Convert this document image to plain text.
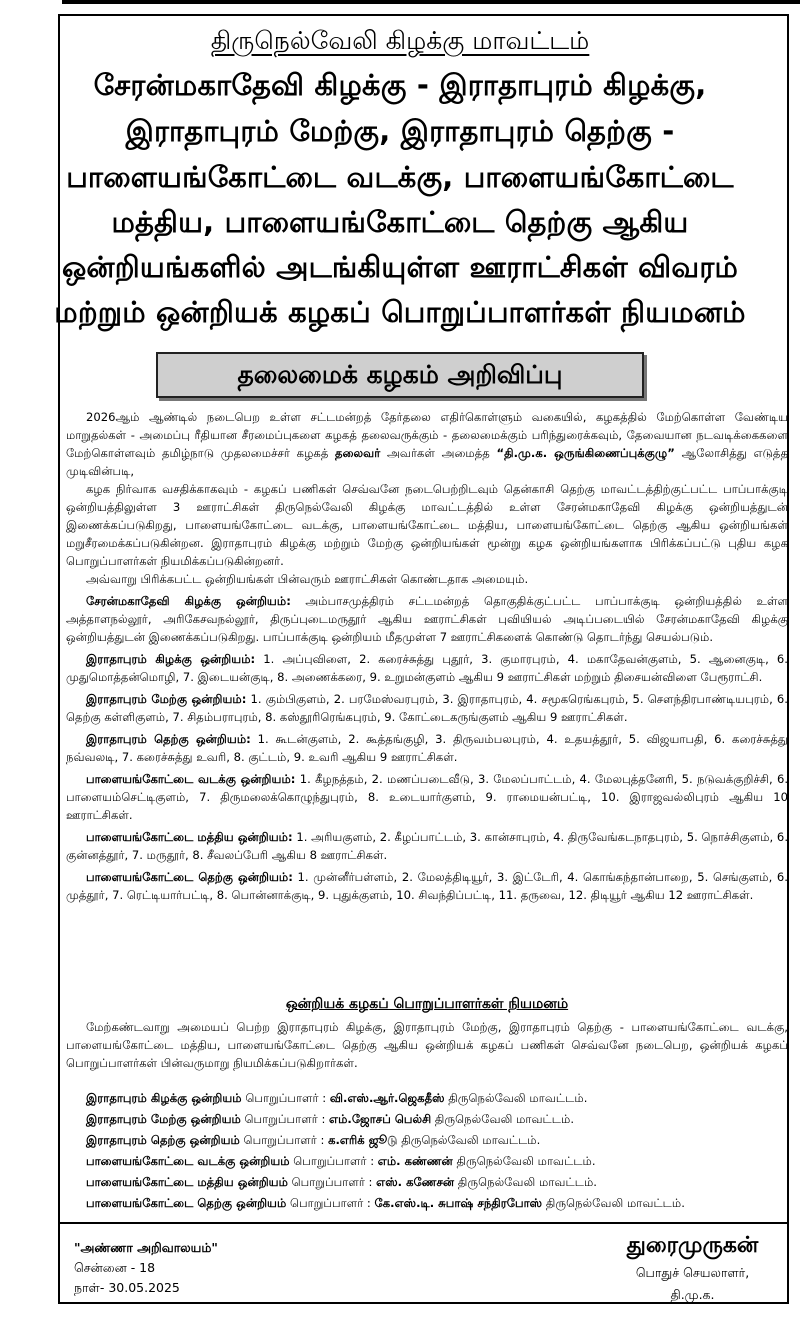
திருநெல்வேலி கிழக்கு மாவட்டம்
சேரன்மகாதேவி கிழக்கு - இராதாபுரம் கிழக்கு,
இராதாபுரம் மேற்கு, இராதாபுரம் தெற்கு -
பாளையங்கோட்டை வடக்கு, பாளையங்கோட்டை
மத்திய, பாளையங்கோட்டை தெற்கு ஆகிய
ஒன்றியங்களில் அடங்கியுள்ள ஊராட்சிகள் விவரம்
மற்றும் ஒன்றியக் கழகப் பொறுப்பாளர்கள் நியமனம்
தலைமைக் கழகம் அறிவிப்பு

2026ஆம் ஆண்டில் நடைபெற உள்ள சட்டமன்றத் தேர்தலை எதிர்கொள்ளும் வகையில், கழகத்தில் மேற்கொள்ள வேண்டிய மாறுதல்கள் - அமைப்பு ரீதியான சீரமைப்புகளை கழகத் தலைவருக்கும் - தலைமைக்கும் பரிந்துரைக்கவும், தேவையான நடவடிக்கைகளை மேற்கொள்ளவும் தமிழ்நாடு முதலமைச்சர் கழகத் தலைவர் அவர்கள் அமைத்த “தி.மு.க. ஒருங்கிணைப்புக்குழு” ஆலோசித்து எடுத்த முடிவின்படி,

கழக நிர்வாக வசதிக்காகவும் - கழகப் பணிகள் செவ்வனே நடைபெற்றிடவும் தென்காசி தெற்கு மாவட்டத்திற்குட்பட்ட பாப்பாக்குடி ஒன்றியத்திலுள்ள 3 ஊராட்சிகள் திருநெல்வேலி கிழக்கு மாவட்டத்தில் உள்ள சேரன்மகாதேவி கிழக்கு ஒன்றியத்துடன் இணைக்கப்படுகிறது, பாளையங்கோட்டை வடக்கு, பாளையங்கோட்டை மத்திய, பாளையங்கோட்டை தெற்கு ஆகிய ஒன்றியங்கள் மறுசீரமைக்கப்படுகின்றன. இராதாபுரம் கிழக்கு மற்றும் மேற்கு ஒன்றியங்கள் மூன்று கழக ஒன்றியங்களாக பிரிக்கப்பட்டு புதிய கழக பொறுப்பாளர்கள் நியமிக்கப்படுகின்றனர்.

அவ்வாறு பிரிக்கபட்ட ஒன்றியங்கள் பின்வரும் ஊராட்சிகள் கொண்டதாக அமையும்.

சேரன்மகாதேவி கிழக்கு ஒன்றியம்: அம்பாசமுத்திரம் சட்டமன்றத் தொகுதிக்குட்பட்ட பாப்பாக்குடி ஒன்றியத்தில் உள்ள அத்தாளநல்லூர், அரிகேசவநல்லூர், திருப்புடைமருதூர் ஆகிய ஊராட்சிகள் புவியியல் அடிப்படையில் சேரன்மகாதேவி கிழக்கு ஒன்றியத்துடன் இணைக்கப்படுகிறது. பாப்பாக்குடி ஒன்றியம் மீதமுள்ள 7 ஊராட்சிகளைக் கொண்டு தொடர்ந்து செயல்படும்.

இராதாபுரம் கிழக்கு ஒன்றியம்: 1. அப்புவிளை, 2. கரைச்சுத்து புதூர், 3. குமாரபுரம், 4. மகாதேவன்குளம், 5. ஆனைகுடி, 6. முதுமொத்தன்மொழி, 7. இடையன்குடி, 8. அணைக்கரை, 9. உறுமன்குளம் ஆகிய 9 ஊராட்சிகள் மற்றும் திசையன்விளை பேரூராட்சி.

இராதாபுரம் மேற்கு ஒன்றியம்: 1. கும்பிகுளம், 2. பரமேஸ்வரபுரம், 3. இராதாபுரம், 4. சமூகரெங்கபுரம், 5. சௌந்திரபாண்டியபுரம், 6. தெற்கு கள்ளிகுளம், 7. சிதம்பராபுரம், 8. கஸ்தூரிரெங்கபுரம், 9. கோட்டைகருங்குளம் ஆகிய 9 ஊராட்சிகள்.

இராதாபுரம் தெற்கு ஒன்றியம்: 1. கூடன்குளம், 2. கூத்தங்குழி, 3. திருவம்பலபுரம், 4. உதயத்தூர், 5. விஜயாபதி, 6. கரைச்சுத்து நவ்வலடி, 7. கரைச்சுத்து உவரி, 8. குட்டம், 9. உவரி ஆகிய 9 ஊராட்சிகள்.

பாளையங்கோட்டை வடக்கு ஒன்றியம்: 1. கீழநத்தம், 2. மணப்படைவீடு, 3. மேலப்பாட்டம், 4. மேலபுத்தனேரி, 5. நடுவக்குறிச்சி, 6. பாளையம்செட்டிகுளம், 7. திருமலைக்கொழுந்துபுரம், 8. உடையார்குளம், 9. ராமையன்பட்டி, 10. இராஜவல்லிபுரம் ஆகிய 10 ஊராட்சிகள்.

பாளையங்கோட்டை மத்திய ஒன்றியம்: 1. அரியகுளம், 2. கீழப்பாட்டம், 3. கான்சாபுரம், 4. திருவேங்கடநாதபுரம், 5. நொச்சிகுளம், 6. குன்னத்தூர், 7. மருதூர், 8. சீவலப்பேரி ஆகிய 8 ஊராட்சிகள்.

பாளையங்கோட்டை தெற்கு ஒன்றியம்: 1. முன்னீர்பள்ளம், 2. மேலத்திடியூர், 3. இட்டேரி, 4. கொங்கந்தான்பாறை, 5. செங்குளம், 6. முத்தூர், 7. ரெட்டியார்பட்டி, 8. பொன்னாக்குடி, 9. புதுக்குளம், 10. சிவந்திப்பட்டி, 11. தருவை, 12. திடியூர் ஆகிய 12 ஊராட்சிகள்.

ஒன்றியக் கழகப் பொறுப்பாளர்கள் நியமனம்

மேற்கண்டவாறு அமையப் பெற்ற இராதாபுரம் கிழக்கு, இராதாபுரம் மேற்கு, இராதாபுரம் தெற்கு - பாளையங்கோட்டை வடக்கு, பாளையங்கோட்டை மத்திய, பாளையங்கோட்டை தெற்கு ஆகிய ஒன்றியக் கழகப் பணிகள் செவ்வனே நடைபெற, ஒன்றியக் கழகப் பொறுப்பாளர்கள் பின்வருமாறு நியமிக்கப்படுகிறார்கள்.

இராதாபுரம் கிழக்கு ஒன்றியம் பொறுப்பாளர் : வி.எஸ்.ஆர்.ஜெகதீஸ் திருநெல்வேலி மாவட்டம்.
இராதாபுரம் மேற்கு ஒன்றியம் பொறுப்பாளர் : எம்.ஜோசப் பெல்சி திருநெல்வேலி மாவட்டம்.
இராதாபுரம் தெற்கு ஒன்றியம் பொறுப்பாளர் : க.எரிக் ஜூடு திருநெல்வேலி மாவட்டம்.
பாளையங்கோட்டை வடக்கு ஒன்றியம் பொறுப்பாளர் : எம். கண்ணன் திருநெல்வேலி மாவட்டம்.
பாளையங்கோட்டை மத்திய ஒன்றியம் பொறுப்பாளர் : எஸ். கணேசன் திருநெல்வேலி மாவட்டம்.
பாளையங்கோட்டை தெற்கு ஒன்றியம் பொறுப்பாளர் : கே.எஸ்.டி. சுபாஷ் சந்திரபோஸ் திருநெல்வேலி மாவட்டம்.
"அண்ணா அறிவாலயம்"
சென்னை - 18
நாள்- 30.05.2025
துரைமுருகன்
பொதுச் செயலாளர்,
தி.மு.க.
